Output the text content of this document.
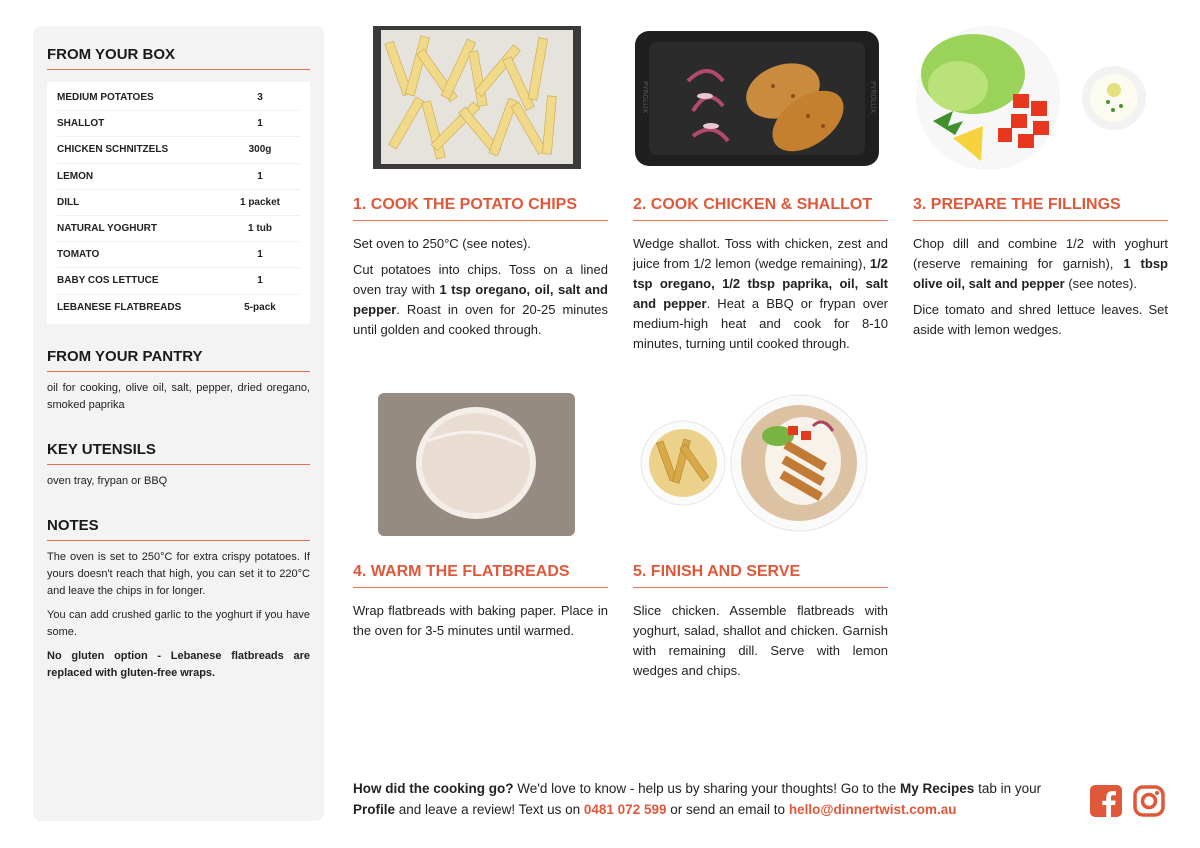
FROM YOUR BOX
MEDIUM POTATOES	3
SHALLOT	1
CHICKEN SCHNITZELS	300g
LEMON	1
DILL	1 packet
NATURAL YOGHURT	1 tub
TOMATO	1
BABY COS LETTUCE	1
LEBANESE FLATBREADS	5-pack
FROM YOUR PANTRY

oil for cooking, olive oil, salt, pepper, dried oregano, smoked paprika

KEY UTENSILS

oven tray, frypan or BBQ

NOTES

The oven is set to 250°C for extra crispy potatoes. If yours doesn't reach that high, you can set it to 220°C and leave the chips in for longer.

You can add crushed garlic to the yoghurt if you have some.

No gluten option - Lebanese flatbreads are replaced with gluten-free wraps.

1. COOK THE POTATO CHIPS

Set oven to 250°C (see notes).

Cut potatoes into chips. Toss on a lined oven tray with 1 tsp oregano, oil, salt and pepper. Roast in oven for 20-25 minutes until golden and cooked through.

PYROLUX	PYROLUX
2. COOK CHICKEN & SHALLOT

Wedge shallot. Toss with chicken, zest and juice from 1/2 lemon (wedge remaining), 1/2 tsp oregano, 1/2 tbsp paprika, oil, salt and pepper. Heat a BBQ or frypan over medium-high heat and cook for 8-10 minutes, turning until cooked through.

3. PREPARE THE FILLINGS

Chop dill and combine 1/2 with yoghurt (reserve remaining for garnish), 1 tbsp olive oil, salt and pepper (see notes).

Dice tomato and shred lettuce leaves. Set aside with lemon wedges.

4. WARM THE FLATBREADS

Wrap flatbreads with baking paper. Place in the oven for 3-5 minutes until warmed.

5. FINISH AND SERVE

Slice chicken. Assemble flatbreads with yoghurt, salad, shallot and chicken. Garnish with remaining dill. Serve with lemon wedges and chips.

How did the cooking go? We'd love to know - help us by sharing your thoughts! Go to the My Recipes tab in your Profile and leave a review! Text us on 0481 072 599 or send an email to hello@dinnertwist.com.au
